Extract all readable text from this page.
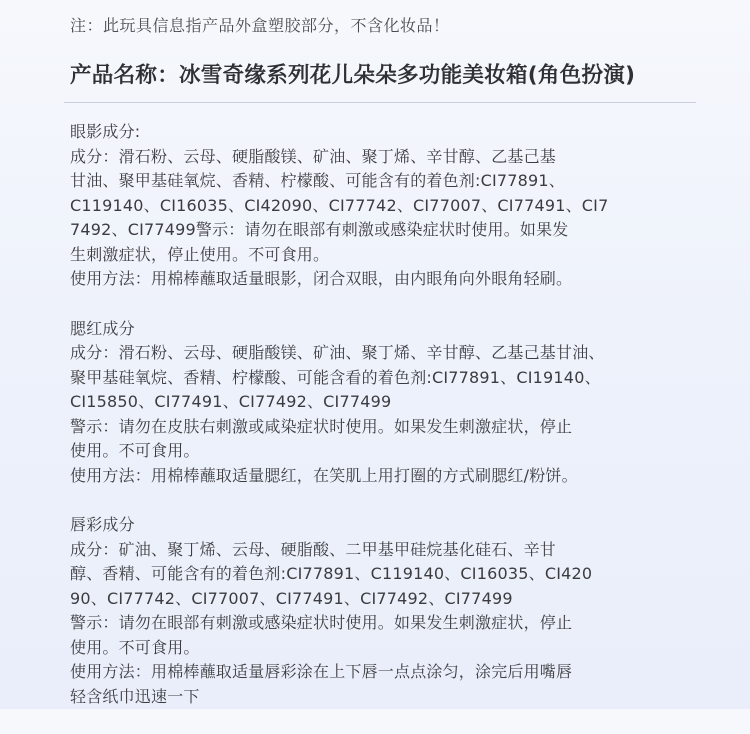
注：此玩具信息指产品外盒塑胶部分，不含化妆品！
产品名称：冰雪奇缘系列花儿朵朵多功能美妆箱(角色扮演)
眼影成分:
成分：滑石粉、云母、硬脂酸镁、矿油、聚丁烯、辛甘醇、乙基己基
甘油、聚甲基硅氧烷、香精、柠檬酸、可能含有的着色剂:CI77891、
C119140、CI16035、CI42090、CI77742、CI77007、CI77491、CI7
7492、CI77499警示：请勿在眼部有刺激或感染症状时使用。如果发
生刺激症状，停止使用。不可食用。
使用方法：用棉棒蘸取适量眼影，闭合双眼，由内眼角向外眼角轻刷。
腮红成分
成分：滑石粉、云母、硬脂酸镁、矿油、聚丁烯、辛甘醇、乙基己基甘油、
聚甲基硅氧烷、香精、柠檬酸、可能含看的着色剂:CI77891、CI19140、
CI15850、CI77491、CI77492、CI77499
警示：请勿在皮肤右刺激或咸染症状时使用。如果发生刺激症状，停止
使用。不可食用。
使用方法：用棉棒蘸取适量腮红，在笑肌上用打圈的方式刷腮红/粉饼。
唇彩成分
成分：矿油、聚丁烯、云母、硬脂酸、二甲基甲硅烷基化硅石、辛甘
醇、香精、可能含有的着色剂:CI77891、C119140、CI16035、CI420
90、CI77742、CI77007、CI77491、CI77492、CI77499
警示：请勿在眼部有刺激或感染症状时使用。如果发生刺激症状，停止
使用。不可食用。
使用方法：用棉棒蘸取适量唇彩涂在上下唇一点点涂匀，涂完后用嘴唇
轻含纸巾迅速一下
